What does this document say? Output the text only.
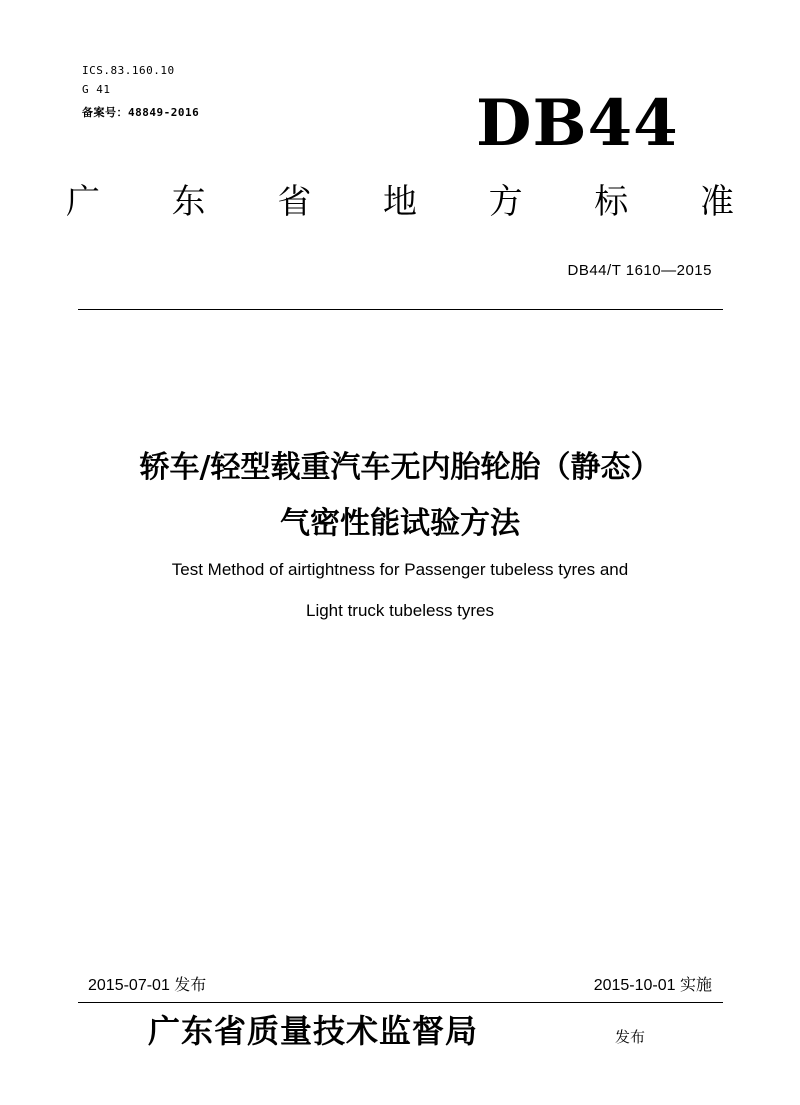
ICS.83.160.10
G 41
备案号：48849-2016	DB44
广 东 省 地 方 标 准
DB44/T 1610—2015
轿车/轻型载重汽车无内胎轮胎（静态）
气密性能试验方法
Test Method of airtightness for Passenger tubeless tyres and
Light truck tubeless tyres
2015-07-01 发布	2015-10-01 实施
广东省质量技术监督局	发布
